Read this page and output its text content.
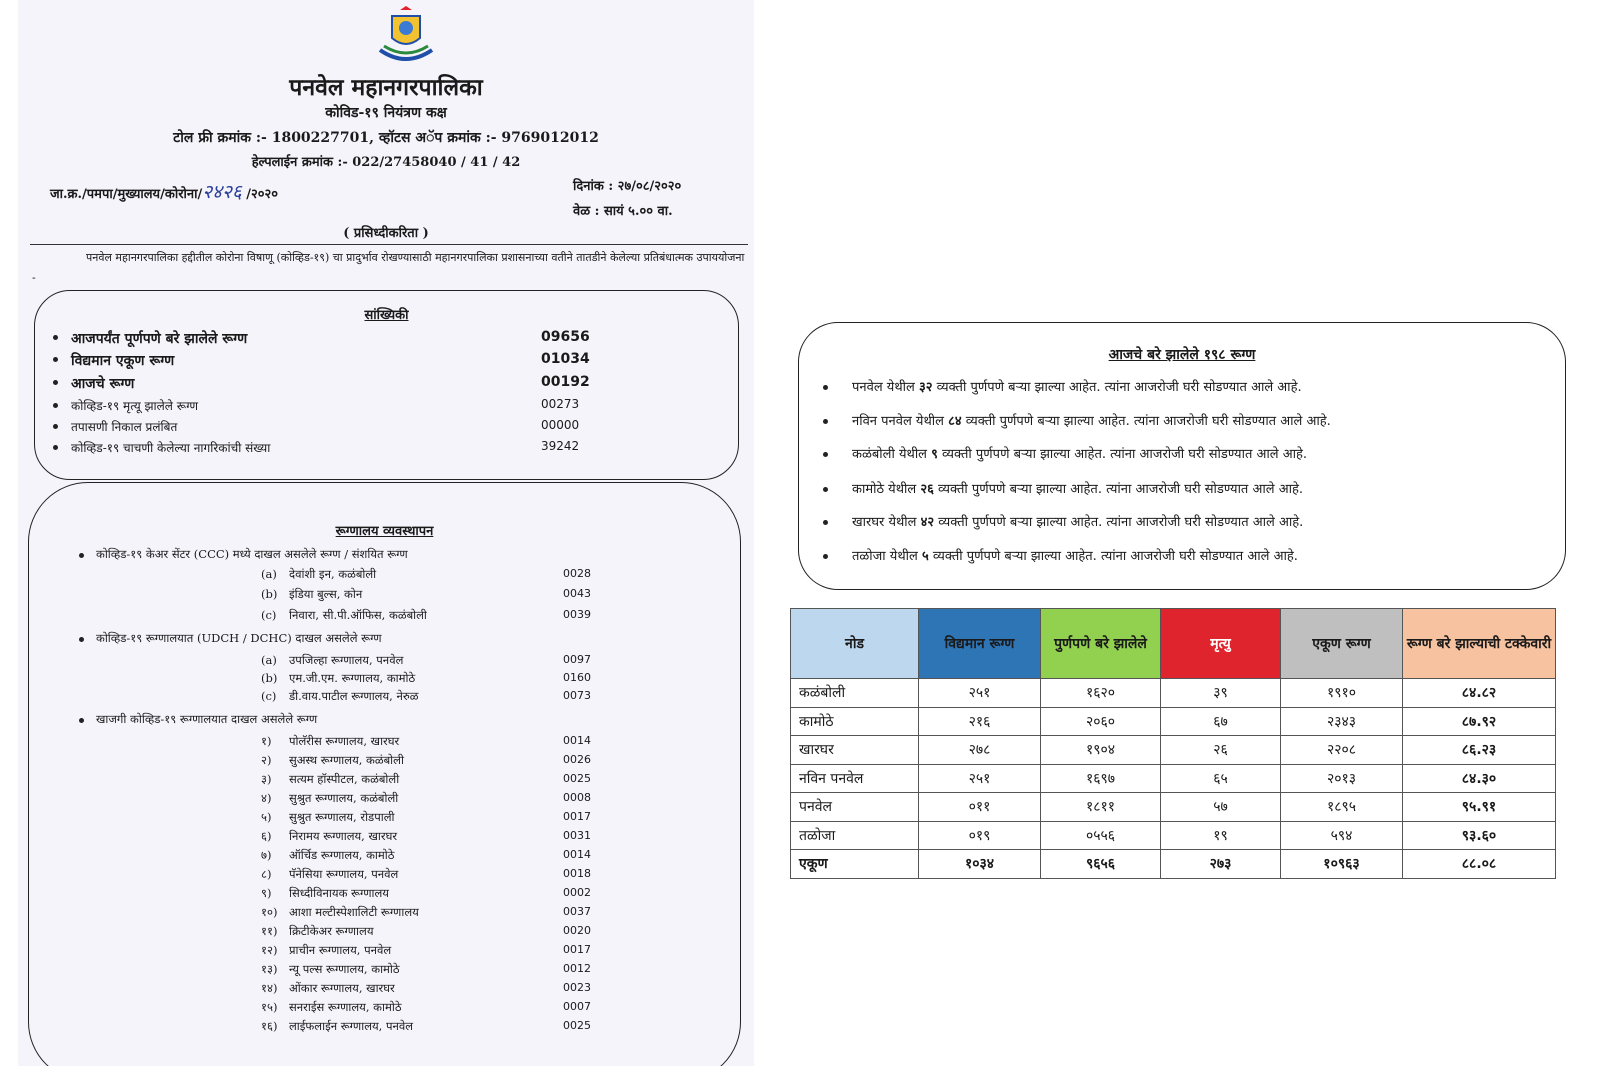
पनवेल महानगरपालिका
कोविड-१९ नियंत्रण कक्ष
टोल फ्री क्रमांक :- 1800227701, व्हॉटस अॅप क्रमांक :- 9769012012
हेल्पलाईन क्रमांक :- 022/27458040 / 41 / 42
जा.क्र./पमपा/मुख्यालय/कोरोना/२४२६ /२०२०
दिनांक : २७/०८/२०२०
वेळ : सायं ५.०० वा.
( प्रसिध्दीकरिता )
पनवेल महानगरपालिका हद्दीतील कोरोना विषाणू (कोव्हिड-१९) चा प्रादुर्भाव रोखण्यासाठी महानगरपालिका प्रशासनाच्या वतीने तातडीने केलेल्या प्रतिबंधात्मक उपाययोजना -
सांख्यिकी
आजपर्यंत पूर्णपणे बरे झालेले रूग्ण	09656
विद्यमान एकूण रूग्ण	01034
आजचे रूग्ण	00192
कोव्हिड-१९ मृत्यू झालेले रूग्ण	00273
तपासणी निकाल प्रलंबित	00000
कोव्हिड-१९ चाचणी केलेल्या नागरिकांची संख्या	39242
रूग्णालय व्यवस्थापन
कोव्हिड-१९ केअर सेंटर (CCC) मध्ये दाखल असलेले रूग्ण / संशयित रूग्ण
(a) देवांशी इन, कळंबोली	0028
(b) इंडिया बुल्स, कोन	0043
(c) निवारा, सी.पी.ऑफिस, कळंबोली	0039
कोव्हिड-१९ रूग्णालयात (UDCH / DCHC) दाखल असलेले रूग्ण
(a) उपजिल्हा रूग्णालय, पनवेल	0097
(b) एम.जी.एम. रूग्णालय, कामोठे	0160
(c) डी.वाय.पाटील रूग्णालय, नेरुळ	0073
खाजगी कोव्हिड-१९ रूग्णालयात दाखल असलेले रूग्ण
१) पोलॅरीस रूग्णालय, खारघर	0014
२) सुअस्थ रूग्णालय, कळंबोली	0026
३) सत्यम हॉस्पीटल, कळंबोली	0025
४) सुश्रुत रूग्णालय, कळंबोली	0008
५) सुश्रुत रूग्णालय, रोडपाली	0017
६) निरामय रूग्णालय, खारघर	0031
७) ऑर्चिड रूग्णालय, कामोठे	0014
८) पॅनेसिया रूग्णालय, पनवेल	0018
९) सिध्दीविनायक रूग्णालय	0002
१०) आशा मल्टीस्पेशालिटी रूग्णालय	0037
११) क्रिटीकेअर रूग्णालय	0020
१२) प्राचीन रूग्णालय, पनवेल	0017
१३) न्यू पल्स रूग्णालय, कामोठे	0012
१४) ओंकार रूग्णालय, खारघर	0023
१५) सनराईस रूग्णालय, कामोठे	0007
१६) लाईफलाईन रूग्णालय, पनवेल	0025
आजचे बरे झालेले १९८ रूग्ण
पनवेल येथील ३२ व्यक्ती पुर्णपणे बऱ्या झाल्या आहेत. त्यांना आजरोजी घरी सोडण्यात आले आहे.
नविन पनवेल येथील ८४ व्यक्ती पुर्णपणे बऱ्या झाल्या आहेत. त्यांना आजरोजी घरी सोडण्यात आले आहे.
कळंबोली येथील ९ व्यक्ती पुर्णपणे बऱ्या झाल्या आहेत. त्यांना आजरोजी घरी सोडण्यात आले आहे.
कामोठे येथील २६ व्यक्ती पुर्णपणे बऱ्या झाल्या आहेत. त्यांना आजरोजी घरी सोडण्यात आले आहे.
खारघर येथील ४२ व्यक्ती पुर्णपणे बऱ्या झाल्या आहेत. त्यांना आजरोजी घरी सोडण्यात आले आहे.
तळोजा येथील ५ व्यक्ती पुर्णपणे बऱ्या झाल्या आहेत. त्यांना आजरोजी घरी सोडण्यात आले आहे.
नोड	विद्यमान रूग्ण	पुर्णपणे बरे झालेले	मृत्यु	एकूण रूग्ण	रूग्ण बरे झाल्याची टक्केवारी
कळंबोली	२५१	१६२०	३९	१९१०	८४.८२
कामोठे	२१६	२०६०	६७	२३४३	८७.९२
खारघर	२७८	१९०४	२६	२२०८	८६.२३
नविन पनवेल	२५१	१६९७	६५	२०१३	८४.३०
पनवेल	०११	१८११	५७	१८९५	९५.९१
तळोजा	०१९	०५५६	१९	५९४	९३.६०
एकूण	१०३४	९६५६	२७३	१०९६३	८८.०८
